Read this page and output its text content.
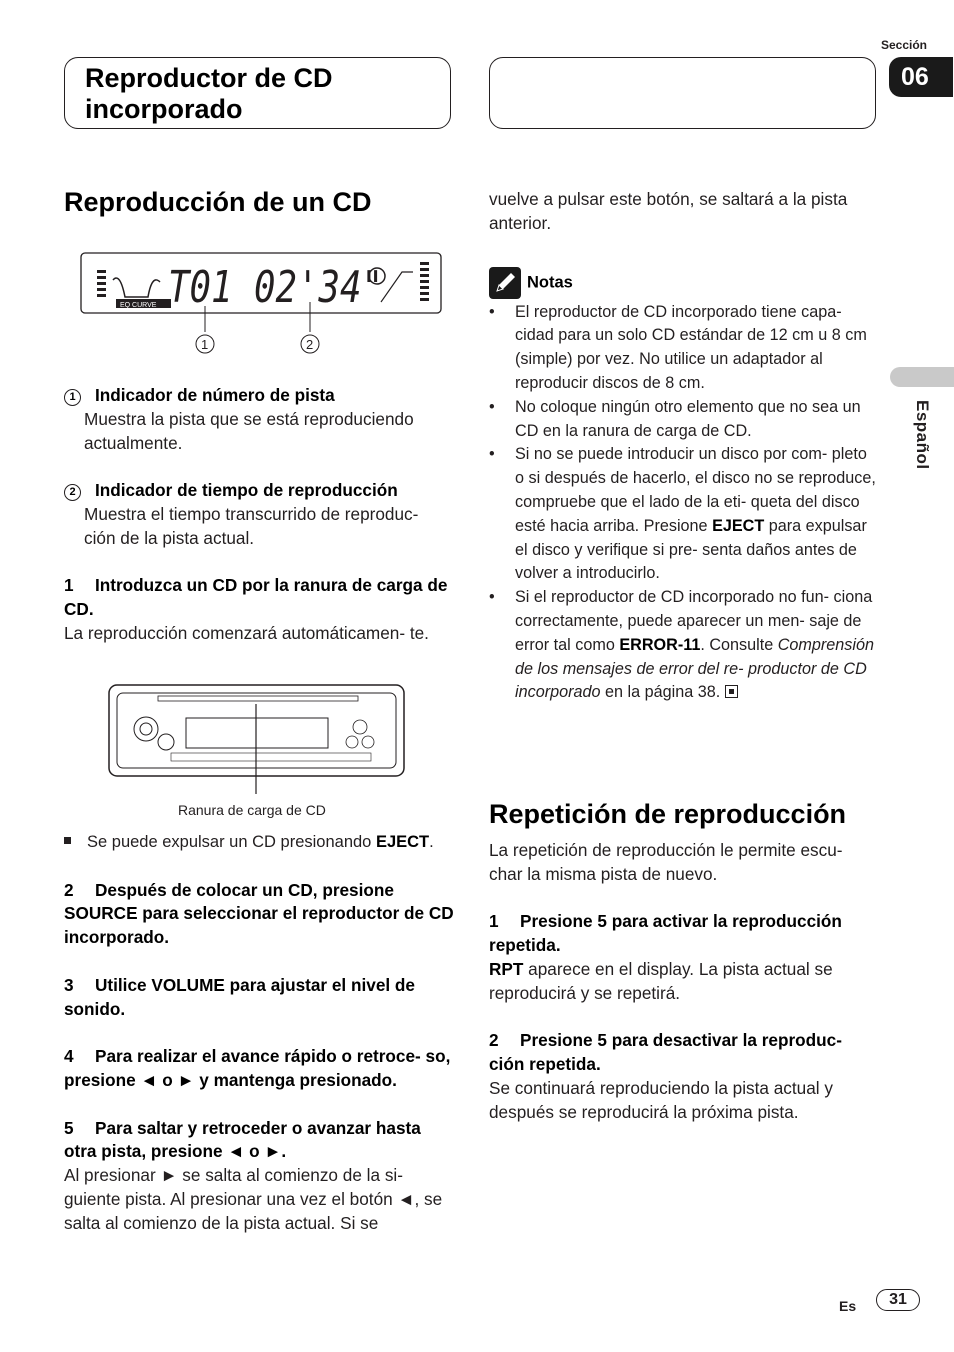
Reproductor de CD
incorporado
Sección
06
Español
Reproducción de un CD
EQ CURVE T01 02'34"
1	2

1 Indicador de número de pista

Muestra la pista que se está reproduciendo actualmente.

2 Indicador de tiempo de reproducción

Muestra el tiempo transcurrido de reproduc- ción de la pista actual.

1 Introduzca un CD por la ranura de carga de CD.

La reproducción comenzará automáticamen- te.

Ranura de carga de CD

Se puede expulsar un CD presionando EJECT.

2 Después de colocar un CD, presione SOURCE para seleccionar el reproductor de CD incorporado.

3 Utilice VOLUME para ajustar el nivel de sonido.

4 Para realizar el avance rápido o retroce- so, presione ◄ o ► y mantenga presionado.

5 Para saltar y retroceder o avanzar hasta otra pista, presione ◄ o ►.

Al presionar ► se salta al comienzo de la si- guiente pista. Al presionar una vez el botón ◄, se salta al comienzo de la pista actual. Si se

vuelve a pulsar este botón, se saltará a la pista anterior.

Notas

• El reproductor de CD incorporado tiene capa- cidad para un solo CD estándar de 12 cm u 8 cm (simple) por vez. No utilice un adaptador al reproducir discos de 8 cm.

• No coloque ningún otro elemento que no sea un CD en la ranura de carga de CD.

• Si no se puede introducir un disco por com- pleto o si después de hacerlo, el disco no se reproduce, compruebe que el lado de la eti- queta del disco esté hacia arriba. Presione EJECT para expulsar el disco y verifique si pre- senta daños antes de volver a introducirlo.

• Si el reproductor de CD incorporado no fun- ciona correctamente, puede aparecer un men- saje de error tal como ERROR-11. Consulte Comprensión de los mensajes de error del re- productor de CD incorporado en la página 38.

Repetición de reproducción

La repetición de reproducción le permite escu- char la misma pista de nuevo.

1 Presione 5 para activar la reproducción repetida.

RPT aparece en el display. La pista actual se reproducirá y se repetirá.

2 Presione 5 para desactivar la reproduc- ción repetida.

Se continuará reproduciendo la pista actual y después se reproducirá la próxima pista.

Es	31
